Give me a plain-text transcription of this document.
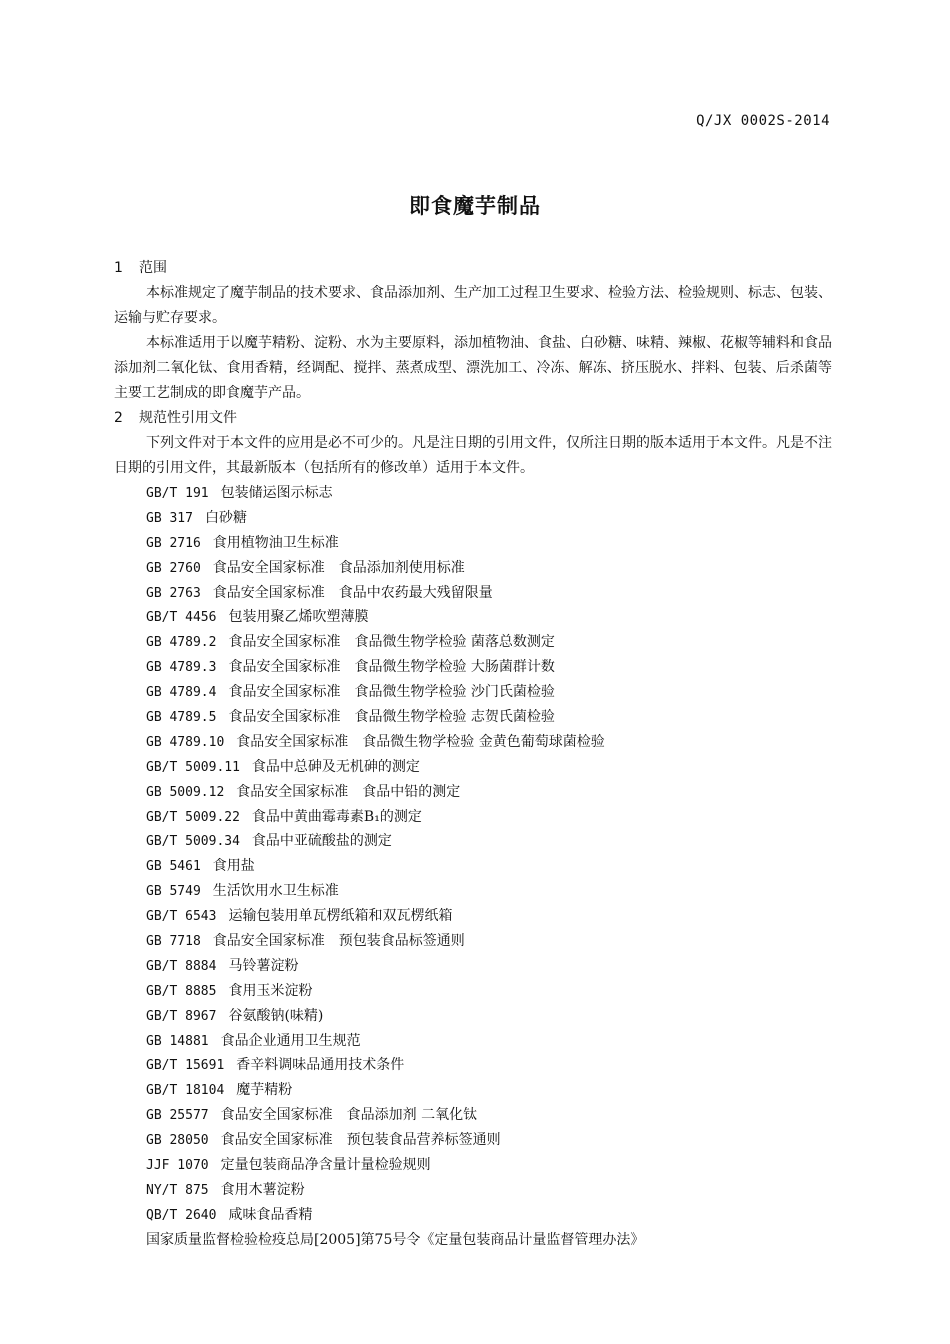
Q/JX 0002S-2014
即食魔芋制品
1 范围

本标准规定了魔芋制品的技术要求、食品添加剂、生产加工过程卫生要求、检验方法、检验规则、标志、包装、运输与贮存要求。

本标准适用于以魔芋精粉、淀粉、水为主要原料，添加植物油、食盐、白砂糖、味精、辣椒、花椒等辅料和食品添加剂二氧化钛、食用香精，经调配、搅拌、蒸煮成型、漂洗加工、冷冻、解冻、挤压脱水、拌料、包装、后杀菌等主要工艺制成的即食魔芋产品。

2 规范性引用文件

下列文件对于本文件的应用是必不可少的。凡是注日期的引用文件，仅所注日期的版本适用于本文件。凡是不注日期的引用文件，其最新版本（包括所有的修改单）适用于本文件。

GB/T 191 包装储运图示标志
GB 317 白砂糖
GB 2716 食用植物油卫生标准
GB 2760 食品安全国家标准　食品添加剂使用标准
GB 2763 食品安全国家标准　食品中农药最大残留限量
GB/T 4456 包装用聚乙烯吹塑薄膜
GB 4789.2 食品安全国家标准　食品微生物学检验 菌落总数测定
GB 4789.3 食品安全国家标准　食品微生物学检验 大肠菌群计数
GB 4789.4 食品安全国家标准　食品微生物学检验 沙门氏菌检验
GB 4789.5 食品安全国家标准　食品微生物学检验 志贺氏菌检验
GB 4789.10 食品安全国家标准　食品微生物学检验 金黄色葡萄球菌检验
GB/T 5009.11 食品中总砷及无机砷的测定
GB 5009.12 食品安全国家标准　食品中铅的测定
GB/T 5009.22 食品中黄曲霉毒素B₁的测定
GB/T 5009.34 食品中亚硫酸盐的测定
GB 5461 食用盐
GB 5749 生活饮用水卫生标准
GB/T 6543 运输包装用单瓦楞纸箱和双瓦楞纸箱
GB 7718 食品安全国家标准　预包装食品标签通则
GB/T 8884 马铃薯淀粉
GB/T 8885 食用玉米淀粉
GB/T 8967 谷氨酸钠(味精)
GB 14881 食品企业通用卫生规范
GB/T 15691 香辛料调味品通用技术条件
GB/T 18104 魔芋精粉
GB 25577 食品安全国家标准　食品添加剂 二氧化钛
GB 28050 食品安全国家标准　预包装食品营养标签通则
JJF 1070 定量包装商品净含量计量检验规则
NY/T 875 食用木薯淀粉
QB/T 2640 咸味食品香精
国家质量监督检验检疫总局[2005]第75号令《定量包装商品计量监督管理办法》
